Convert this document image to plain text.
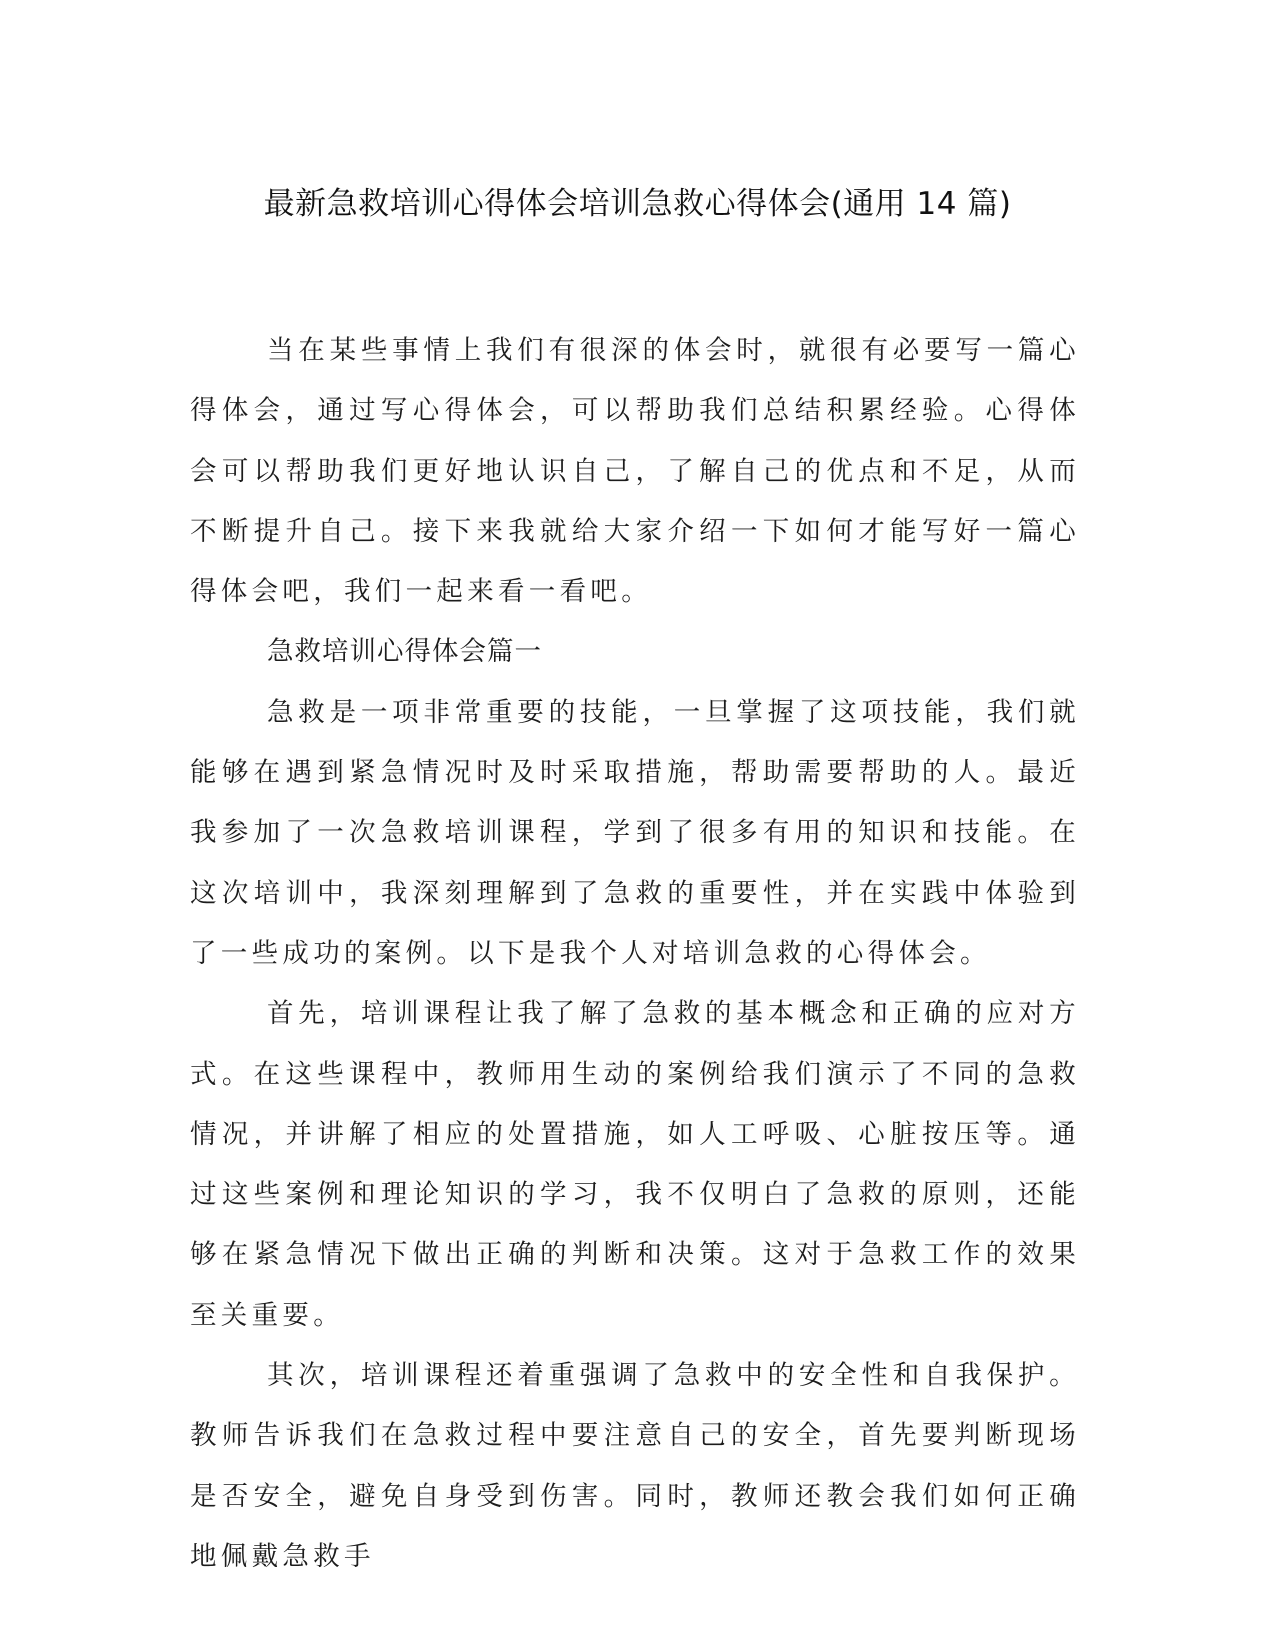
最新急救培训心得体会培训急救心得体会(通用 14 篇)

当在某些事情上我们有很深的体会时，就很有必要写一篇心得体会，通过写心得体会，可以帮助我们总结积累经验。心得体会可以帮助我们更好地认识自己，了解自己的优点和不足，从而不断提升自己。接下来我就给大家介绍一下如何才能写好一篇心得体会吧，我们一起来看一看吧。

急救培训心得体会篇一

急救是一项非常重要的技能，一旦掌握了这项技能，我们就能够在遇到紧急情况时及时采取措施，帮助需要帮助的人。最近我参加了一次急救培训课程，学到了很多有用的知识和技能。在这次培训中，我深刻理解到了急救的重要性，并在实践中体验到了一些成功的案例。以下是我个人对培训急救的心得体会。

首先，培训课程让我了解了急救的基本概念和正确的应对方式。在这些课程中，教师用生动的案例给我们演示了不同的急救情况，并讲解了相应的处置措施，如人工呼吸、心脏按压等。通过这些案例和理论知识的学习，我不仅明白了急救的原则，还能够在紧急情况下做出正确的判断和决策。这对于急救工作的效果至关重要。

其次，培训课程还着重强调了急救中的安全性和自我保护。教师告诉我们在急救过程中要注意自己的安全，首先要判断现场是否安全，避免自身受到伤害。同时，教师还教会我们如何正确地佩戴急救手
